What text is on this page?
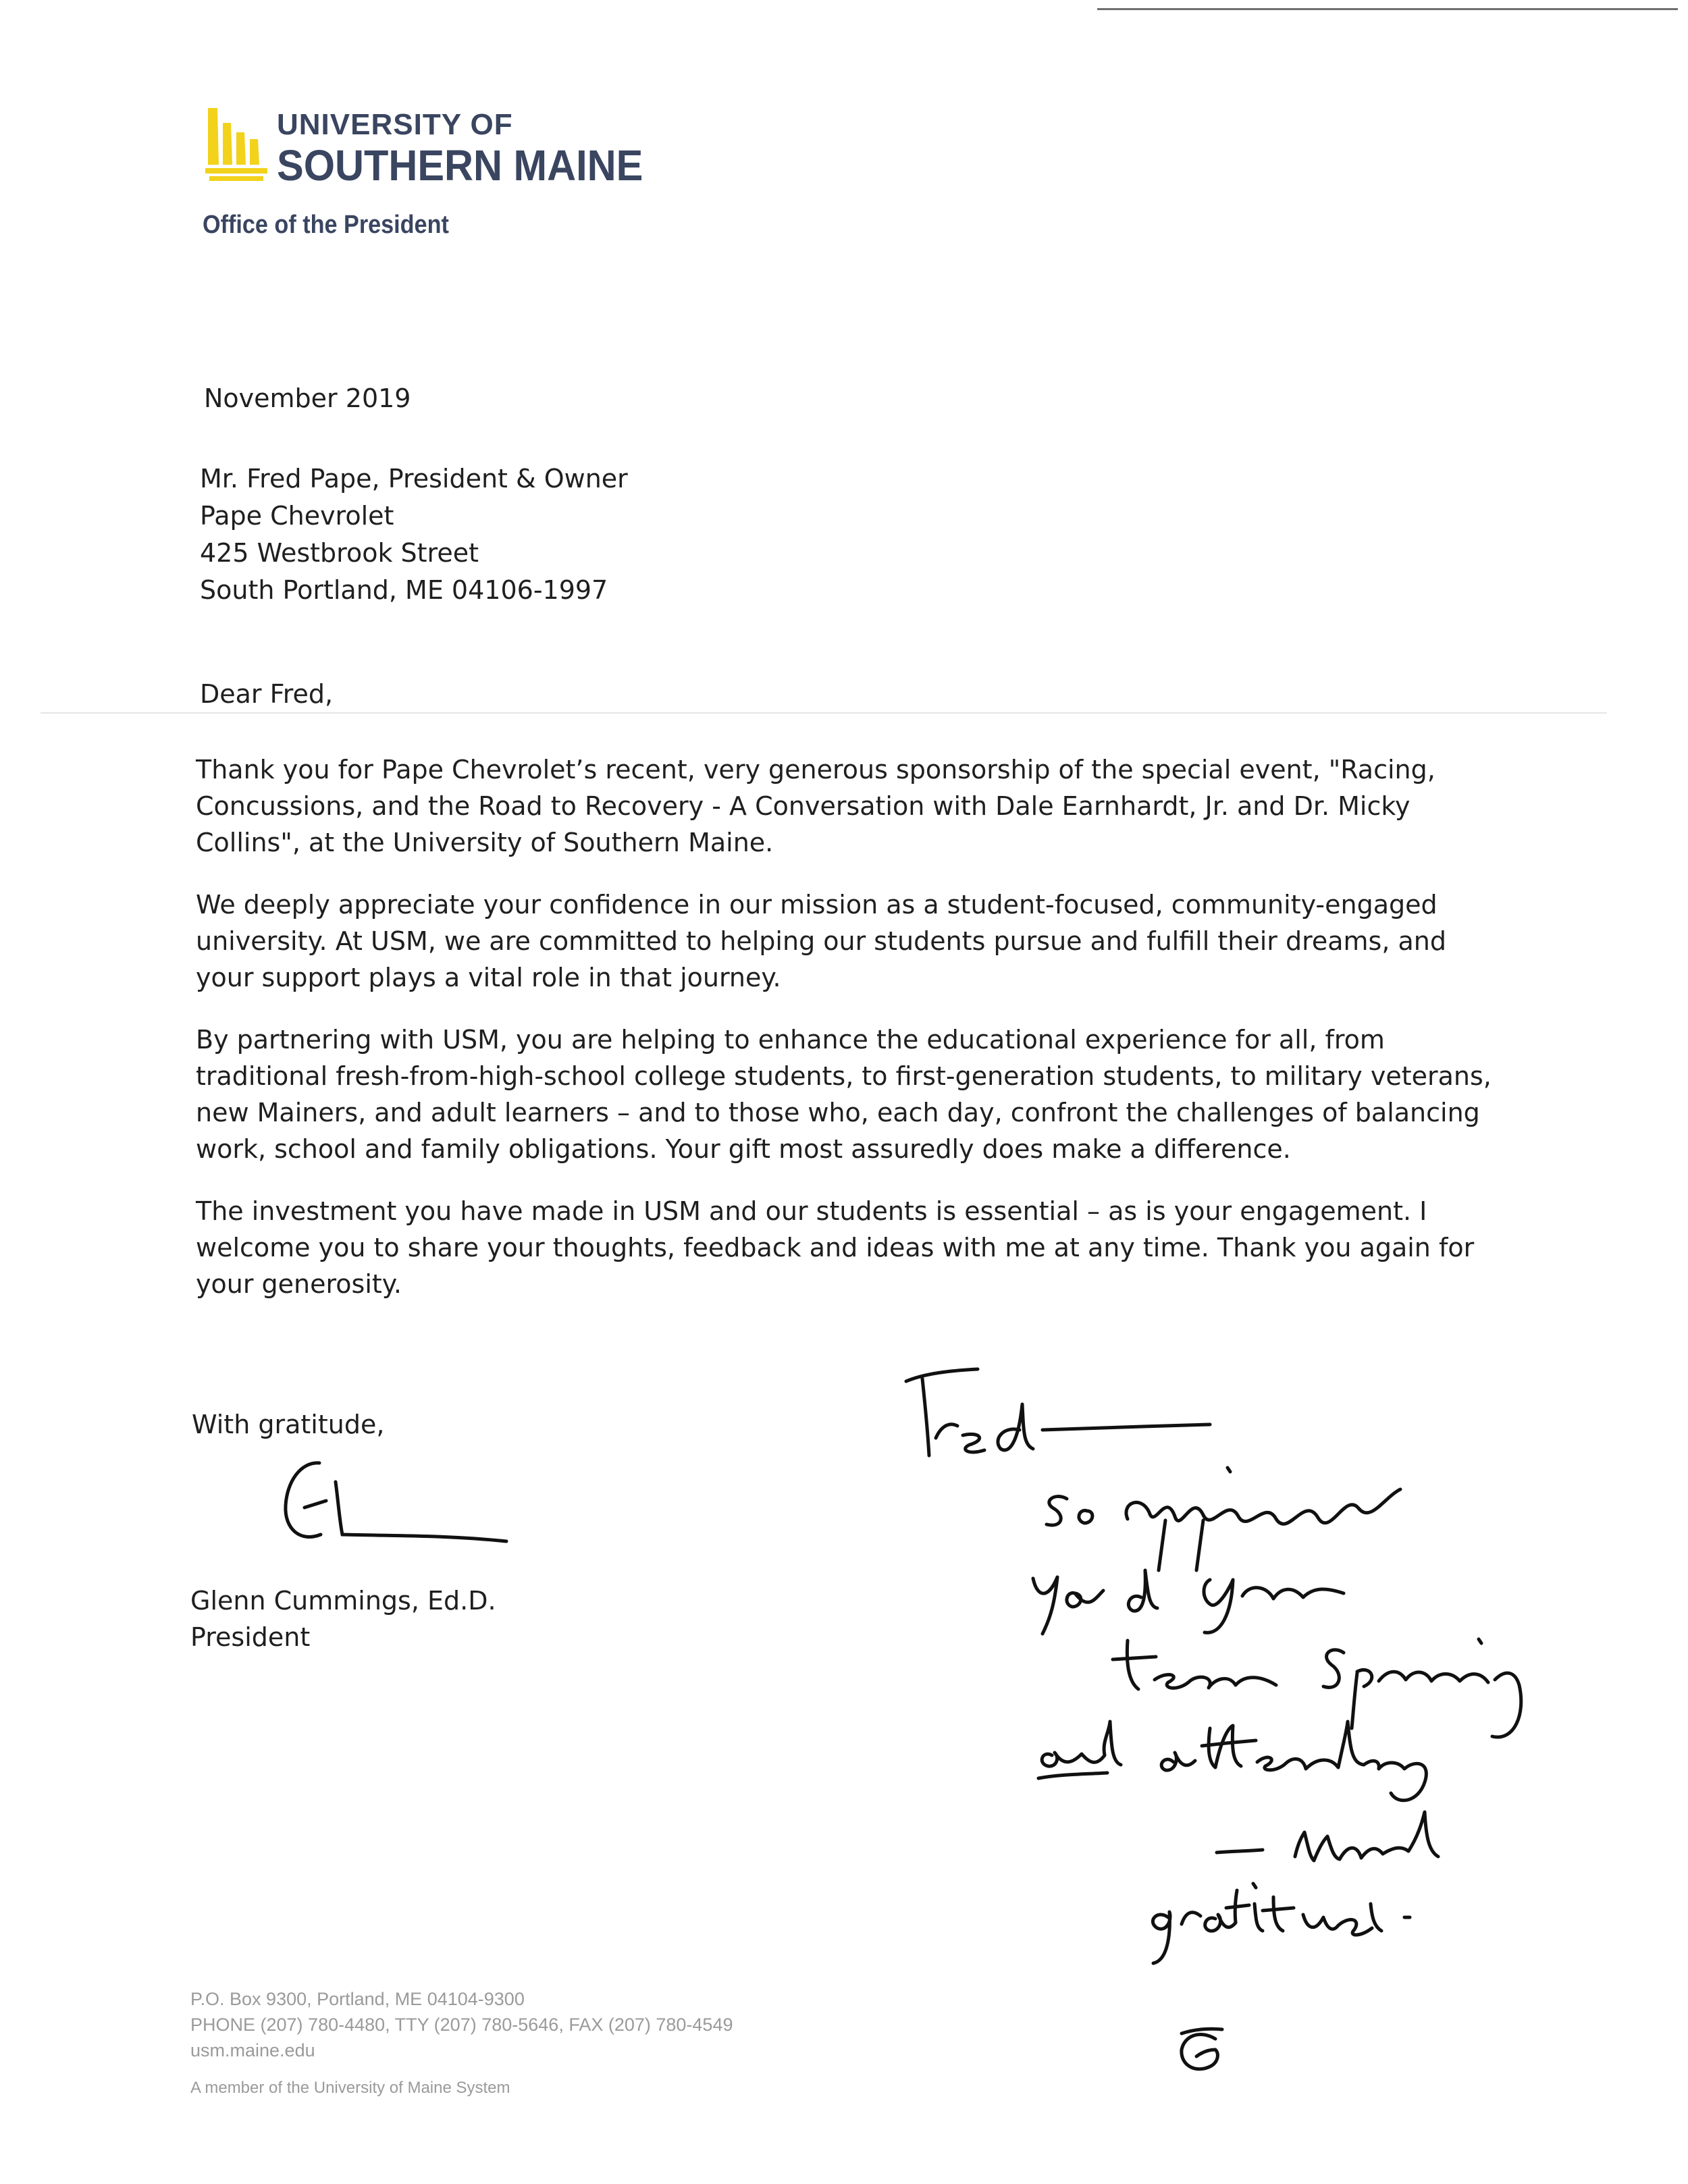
UNIVERSITY OF
SOUTHERN MAINE
Office of the President
November 2019
Mr. Fred Pape, President & Owner
Pape Chevrolet
425 Westbrook Street
South Portland, ME 04106-1997
Dear Fred,

Thank you for Pape Chevrolet’s recent, very generous sponsorship of the special event, "Racing, Concussions, and the Road to Recovery - A Conversation with Dale Earnhardt, Jr. and Dr. Micky Collins", at the University of Southern Maine.

We deeply appreciate your confidence in our mission as a student-focused, community-engaged university. At USM, we are committed to helping our students pursue and fulfill their dreams, and your support plays a vital role in that journey.

By partnering with USM, you are helping to enhance the educational experience for all, from traditional fresh-from-high-school college students, to first-generation students, to military veterans, new Mainers, and adult learners – and to those who, each day, confront the challenges of balancing work, school and family obligations. Your gift most assuredly does make a difference.

The investment you have made in USM and our students is essential – as is your engagement. I welcome you to share your thoughts, feedback and ideas with me at any time. Thank you again for your generosity.

With gratitude,
Glenn Cummings, Ed.D.
President
P.O. Box 9300, Portland, ME 04104-9300
PHONE (207) 780-4480, TTY (207) 780-5646, FAX (207) 780-4549
usm.maine.edu
A member of the University of Maine System
